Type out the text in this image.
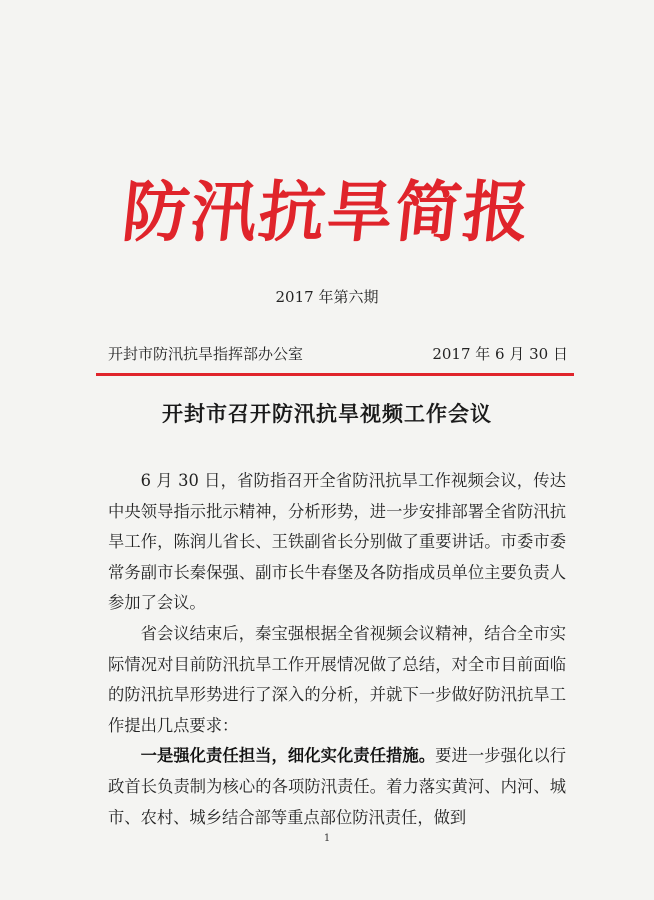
防汛抗旱简报
2017 年第六期
开封市防汛抗旱指挥部办公室	2017 年 6 月 30 日
开封市召开防汛抗旱视频工作会议

6 月 30 日，省防指召开全省防汛抗旱工作视频会议，传达中央领导指示批示精神，分析形势，进一步安排部署全省防汛抗旱工作，陈润儿省长、王铁副省长分别做了重要讲话。市委市委常务副市长秦保强、副市长牛春堡及各防指成员单位主要负责人参加了会议。

省会议结束后，秦宝强根据全省视频会议精神，结合全市实际情况对目前防汛抗旱工作开展情况做了总结，对全市目前面临的防汛抗旱形势进行了深入的分析，并就下一步做好防汛抗旱工作提出几点要求：

一是强化责任担当，细化实化责任措施。要进一步强化以行政首长负责制为核心的各项防汛责任。着力落实黄河、内河、城市、农村、城乡结合部等重点部位防汛责任，做到

1
